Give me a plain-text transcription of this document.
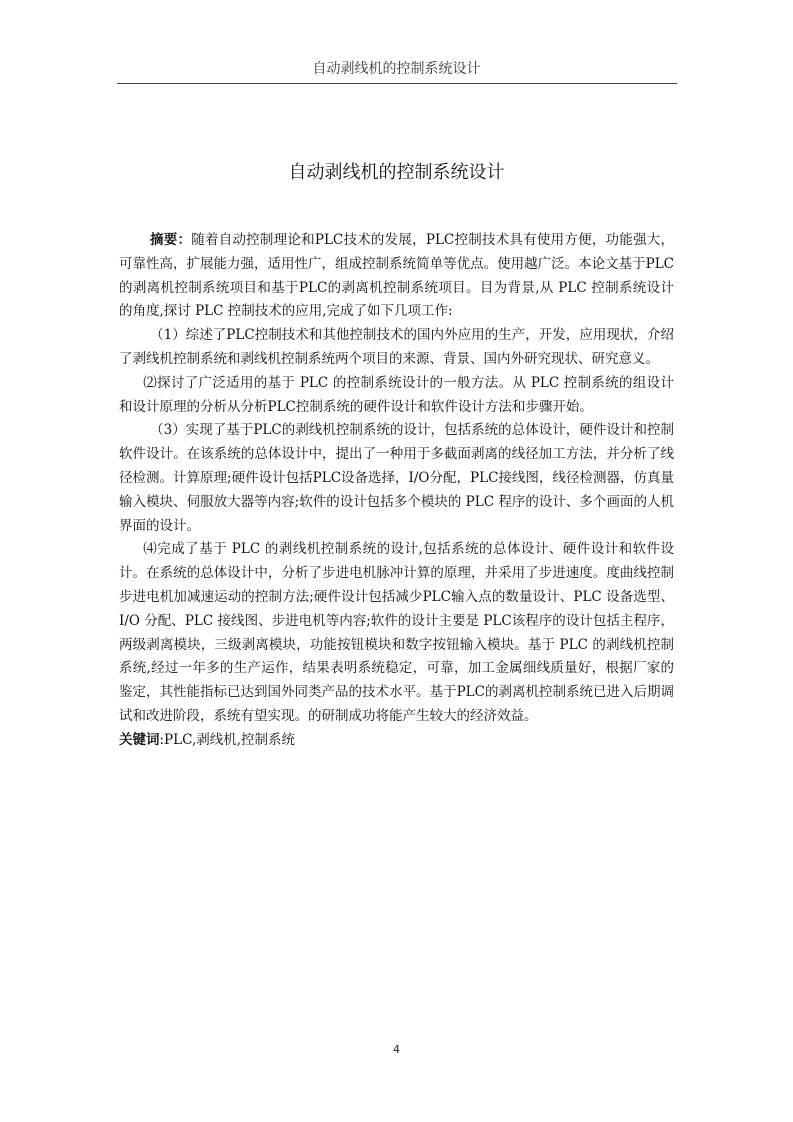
自动剥线机的控制系统设计
自动剥线机的控制系统设计

摘要：随着自动控制理论和PLC技术的发展，PLC控制技术具有使用方便，功能强大，可靠性高，扩展能力强，适用性广，组成控制系统简单等优点。使用越广泛。本论文基于PLC的剥离机控制系统项目和基于PLC的剥离机控制系统项目。目为背景,从 PLC 控制系统设计的角度,探讨 PLC 控制技术的应用,完成了如下几项工作:

（1）综述了PLC控制技术和其他控制技术的国内外应用的生产，开发，应用现状，介绍了剥线机控制系统和剥线机控制系统两个项目的来源、背景、国内外研究现状、研究意义。

⑵探讨了广泛适用的基于 PLC 的控制系统设计的一般方法。从 PLC 控制系统的组设计和设计原理的分析从分析PLC控制系统的硬件设计和软件设计方法和步骤开始。

（3）实现了基于PLC的剥线机控制系统的设计，包括系统的总体设计，硬件设计和控制软件设计。在该系统的总体设计中，提出了一种用于多截面剥离的线径加工方法，并分析了线径检测。计算原理;硬件设计包括PLC设备选择，I/O分配，PLC接线图，线径检测器，仿真量输入模块、伺服放大器等内容;软件的设计包括多个模块的 PLC 程序的设计、多个画面的人机界面的设计。

⑷完成了基于 PLC 的剥线机控制系统的设计,包括系统的总体设计、硬件设计和软件设计。在系统的总体设计中，分析了步进电机脉冲计算的原理，并采用了步进速度。度曲线控制步进电机加减速运动的控制方法;硬件设计包括减少PLC输入点的数量设计、PLC 设备选型、I/O 分配、PLC 接线图、步进电机等内容;软件的设计主要是 PLC该程序的设计包括主程序，两级剥离模块，三级剥离模块，功能按钮模块和数字按钮输入模块。基于 PLC 的剥线机控制系统,经过一年多的生产运作，结果表明系统稳定，可靠，加工金属细线质量好，根据厂家的鉴定，其性能指标已达到国外同类产品的技术水平。基于PLC的剥离机控制系统已进入后期调试和改进阶段，系统有望实现。的研制成功将能产生较大的经济效益。

关键词:PLC,剥线机,控制系统

4
